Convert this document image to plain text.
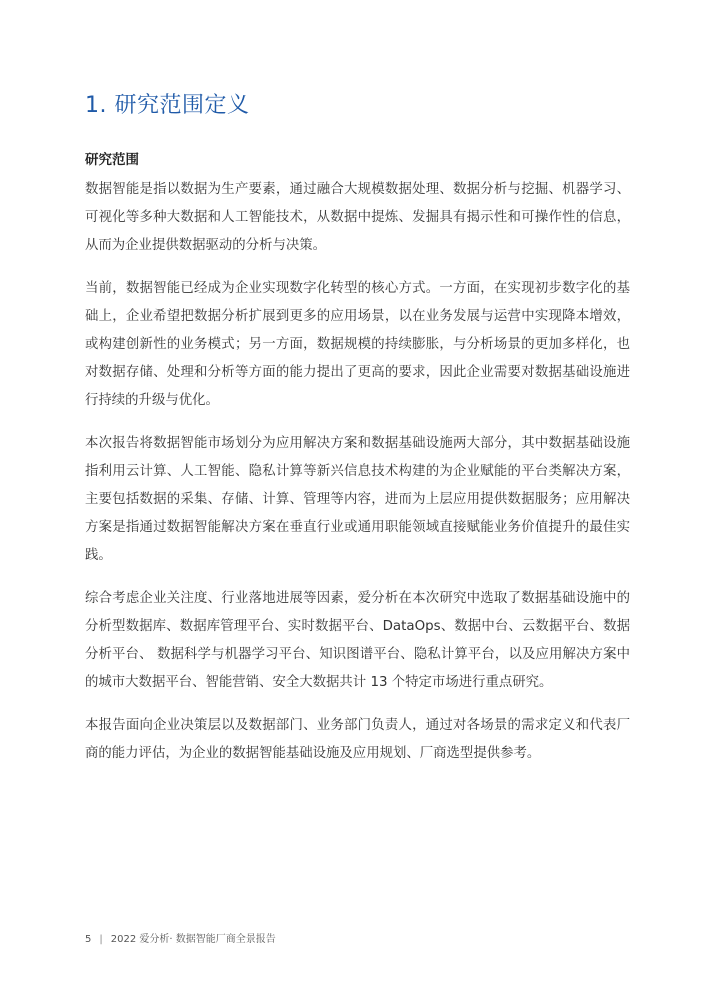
1. 研究范围定义
研究范围

数据智能是指以数据为生产要素，通过融合大规模数据处理、数据分析与挖掘、机器学习、可视化等多种大数据和人工智能技术，从数据中提炼、发掘具有揭示性和可操作性的信息，从而为企业提供数据驱动的分析与决策。

当前，数据智能已经成为企业实现数字化转型的核心方式。一方面，在实现初步数字化的基础上，企业希望把数据分析扩展到更多的应用场景，以在业务发展与运营中实现降本增效，或构建创新性的业务模式；另一方面，数据规模的持续膨胀，与分析场景的更加多样化，也对数据存储、处理和分析等方面的能力提出了更高的要求，因此企业需要对数据基础设施进行持续的升级与优化。

本次报告将数据智能市场划分为应用解决方案和数据基础设施两大部分，其中数据基础设施指利用云计算、人工智能、隐私计算等新兴信息技术构建的为企业赋能的平台类解决方案，主要包括数据的采集、存储、计算、管理等内容，进而为上层应用提供数据服务；应用解决方案是指通过数据智能解决方案在垂直行业或通用职能领域直接赋能业务价值提升的最佳实践。

综合考虑企业关注度、行业落地进展等因素，爱分析在本次研究中选取了数据基础设施中的分析型数据库、数据库管理平台、实时数据平台、DataOps、数据中台、云数据平台、数据分析平台、 数据科学与机器学习平台、知识图谱平台、隐私计算平台，以及应用解决方案中的城市大数据平台、智能营销、安全大数据共计 13 个特定市场进行重点研究。

本报告面向企业决策层以及数据部门、业务部门负责人，通过对各场景的需求定义和代表厂商的能力评估，为企业的数据智能基础设施及应用规划、厂商选型提供参考。

5 | 2022 爱分析· 数据智能厂商全景报告
